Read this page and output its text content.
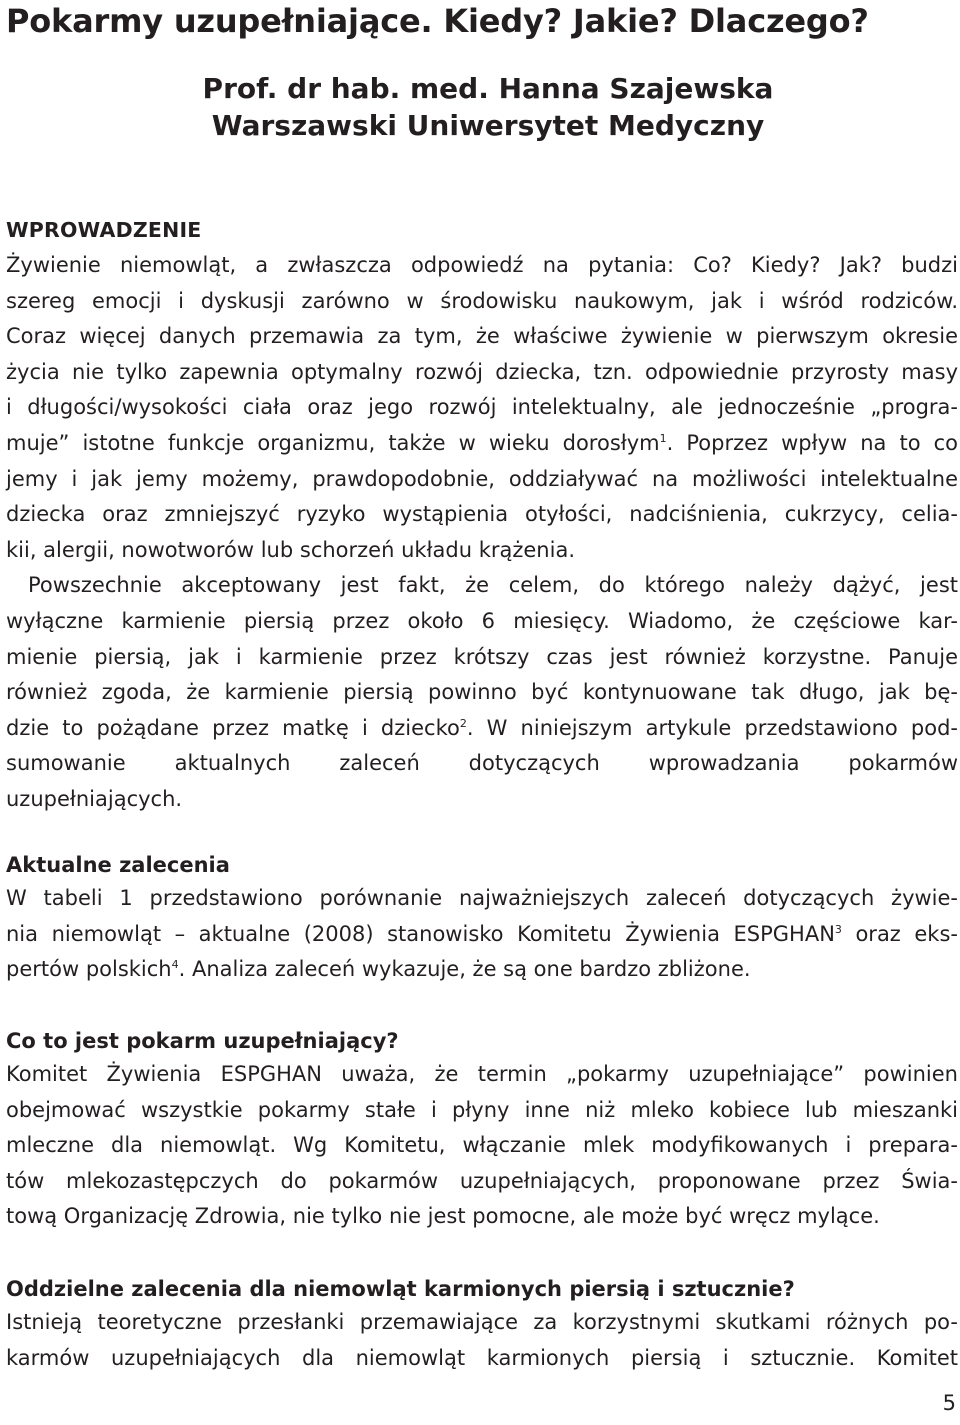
Pokarmy uzupełniające. Kiedy? Jakie? Dlaczego?
Prof. dr hab. med. Hanna Szajewska
Warszawski Uniwersytet Medyczny
WPROWADZENIE
Żywienie niemowląt, a zwłaszcza odpowiedź na pytania: Co? Kiedy? Jak? budzi
szereg emocji i dyskusji zarówno w środowisku naukowym, jak i wśród rodziców.
Coraz więcej danych przemawia za tym, że właściwe żywienie w pierwszym okresie
życia nie tylko zapewnia optymalny rozwój dziecka, tzn. odpowiednie przyrosty masy
i długości/wysokości ciała oraz jego rozwój intelektualny, ale jednocześnie „progra-
muje” istotne funkcje organizmu, także w wieku dorosłym$^1$. Poprzez wpływ na to co
jemy i jak jemy możemy, prawdopodobnie, oddziaływać na możliwości intelektualne
dziecka oraz zmniejszyć ryzyko wystąpienia otyłości, nadciśnienia, cukrzycy, celia-
kii, alergii, nowotworów lub schorzeń układu krążenia.
Powszechnie akceptowany jest fakt, że celem, do którego należy dążyć, jest
wyłączne karmienie piersią przez około 6 miesięcy. Wiadomo, że częściowe kar-
mienie piersią, jak i karmienie przez krótszy czas jest również korzystne. Panuje
również zgoda, że karmienie piersią powinno być kontynuowane tak długo, jak bę-
dzie to pożądane przez matkę i dziecko$^2$. W niniejszym artykule przedstawiono pod-
sumowanie aktualnych zaleceń dotyczących wprowadzania pokarmów
uzupełniających.
Aktualne zalecenia
W tabeli 1 przedstawiono porównanie najważniejszych zaleceń dotyczących żywie-
nia niemowląt – aktualne (2008) stanowisko Komitetu Żywienia ESPGHAN$^3$ oraz eks-
pertów polskich$^4$. Analiza zaleceń wykazuje, że są one bardzo zbliżone.
Co to jest pokarm uzupełniający?
Komitet Żywienia ESPGHAN uważa, że termin „pokarmy uzupełniające” powinien
obejmować wszystkie pokarmy stałe i płyny inne niż mleko kobiece lub mieszanki
mleczne dla niemowląt. Wg Komitetu, włączanie mlek modyfikowanych i prepara-
tów mlekozastępczych do pokarmów uzupełniających, proponowane przez Świa-
tową Organizację Zdrowia, nie tylko nie jest pomocne, ale może być wręcz mylące.
Oddzielne zalecenia dla niemowląt karmionych piersią i sztucznie?
Istnieją teoretyczne przesłanki przemawiające za korzystnymi skutkami różnych po-
karmów uzupełniających dla niemowląt karmionych piersią i sztucznie. Komitet
5
